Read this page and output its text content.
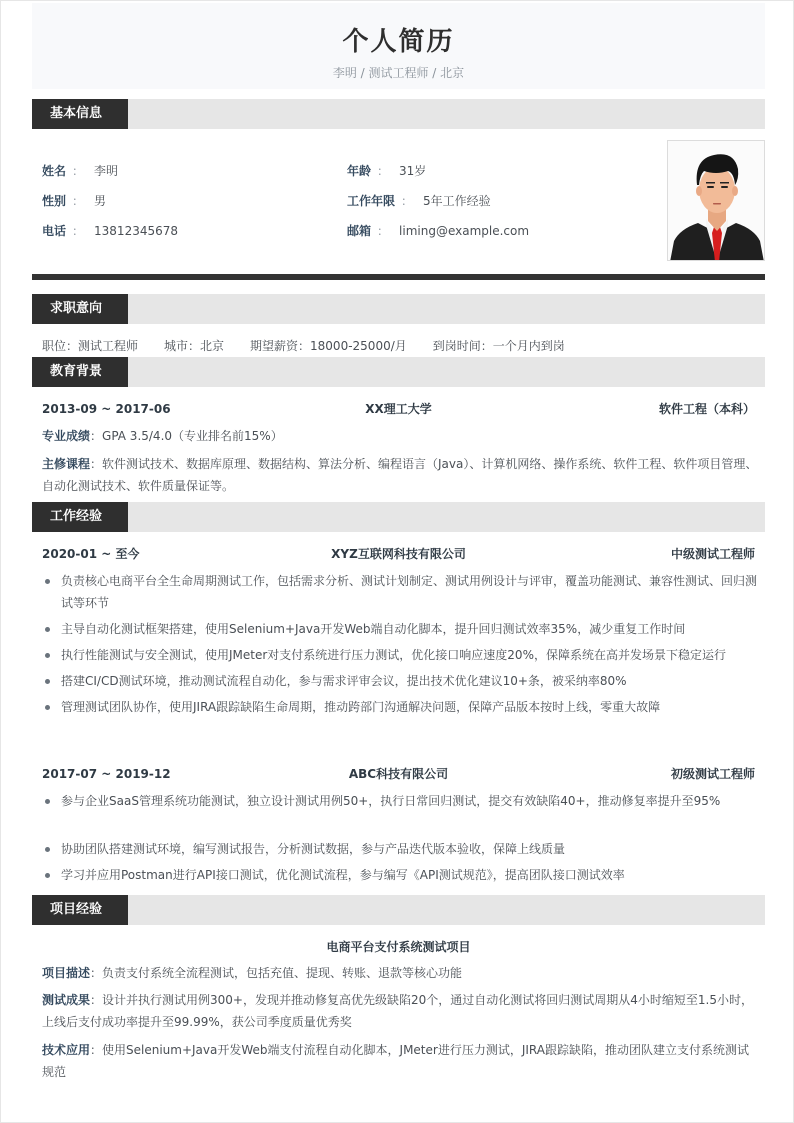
个人简历
李明 / 测试工程师 / 北京
基本信息
姓名 ： 李明
性别 ： 男
电话 ： 13812345678
年龄 ： 31岁
工作年限 ： 5年工作经验
邮箱 ： liming@example.com
求职意向
职位：测试工程师 城市：北京 期望薪资：18000-25000/月 到岗时间：一个月内到岗
教育背景
2013-09 ~ 2017-06	XX理工大学	软件工程（本科）
专业成绩：GPA 3.5/4.0（专业排名前15%）
主修课程：软件测试技术、数据库原理、数据结构、算法分析、编程语言（Java）、计算机网络、操作系统、软件工程、软件项目管理、自动化测试技术、软件质量保证等。
工作经验
2020-01 ~ 至今	XYZ互联网科技有限公司	中级测试工程师
负责核心电商平台全生命周期测试工作，包括需求分析、测试计划制定、测试用例设计与评审，覆盖功能测试、兼容性测试、回归测试等环节
主导自动化测试框架搭建，使用Selenium+Java开发Web端自动化脚本，提升回归测试效率35%，减少重复工作时间
执行性能测试与安全测试，使用JMeter对支付系统进行压力测试，优化接口响应速度20%，保障系统在高并发场景下稳定运行
搭建CI/CD测试环境，推动测试流程自动化，参与需求评审会议，提出技术优化建议10+条，被采纳率80%
管理测试团队协作，使用JIRA跟踪缺陷生命周期，推动跨部门沟通解决问题，保障产品版本按时上线，零重大故障
2017-07 ~ 2019-12	ABC科技有限公司	初级测试工程师
参与企业SaaS管理系统功能测试，独立设计测试用例50+，执行日常回归测试，提交有效缺陷40+，推动修复率提升至95%
协助团队搭建测试环境，编写测试报告，分析测试数据，参与产品迭代版本验收，保障上线质量
学习并应用Postman进行API接口测试，优化测试流程，参与编写《API测试规范》，提高团队接口测试效率
项目经验
电商平台支付系统测试项目
项目描述：负责支付系统全流程测试，包括充值、提现、转账、退款等核心功能
测试成果：设计并执行测试用例300+，发现并推动修复高优先级缺陷20个，通过自动化测试将回归测试周期从4小时缩短至1.5小时，上线后支付成功率提升至99.99%，获公司季度质量优秀奖
技术应用：使用Selenium+Java开发Web端支付流程自动化脚本，JMeter进行压力测试，JIRA跟踪缺陷，推动团队建立支付系统测试规范
